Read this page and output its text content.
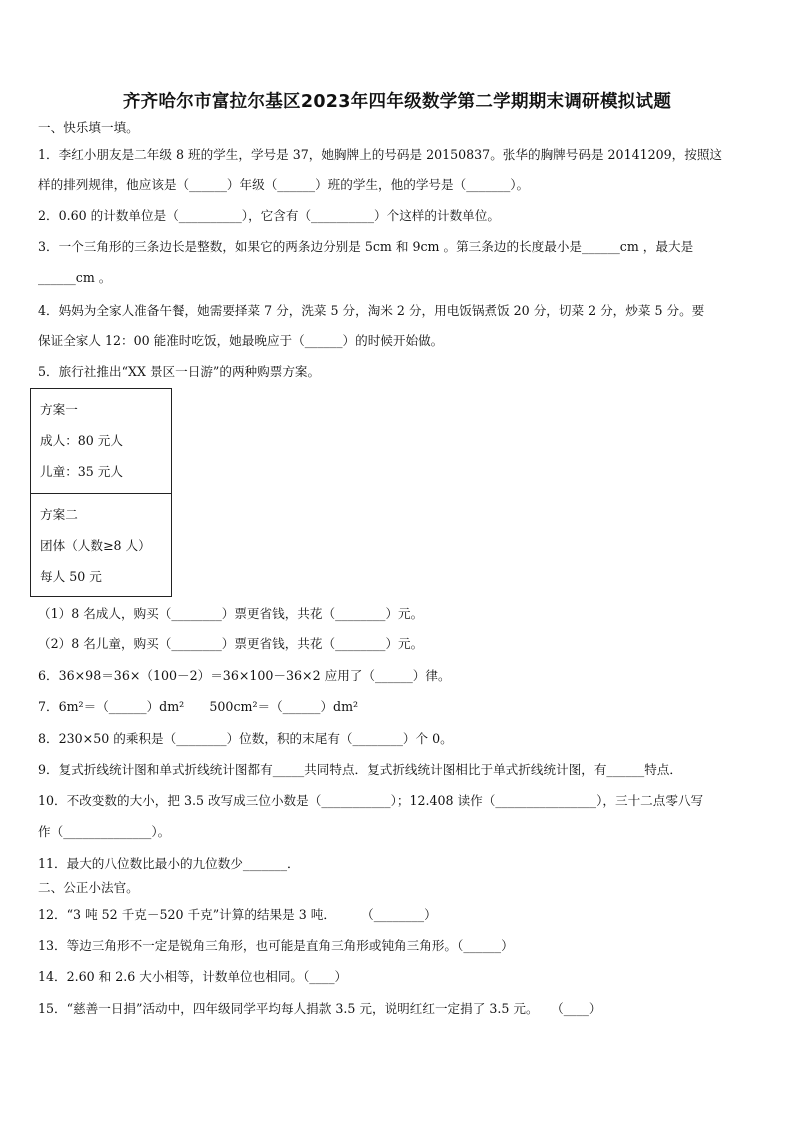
齐齐哈尔市富拉尔基区2023年四年级数学第二学期期末调研模拟试题
一、快乐填一填。
1．李红小朋友是二年级 8 班的学生，学号是 37，她胸牌上的号码是 20150837。张华的胸牌号码是 20141209，按照这
样的排列规律，他应该是（______）年级（______）班的学生，他的学号是（_______）。
2．0.60 的计数单位是（__________），它含有（__________）个这样的计数单位。
3．一个三角形的三条边长是整数，如果它的两条边分别是 5cm 和 9cm 。第三条边的长度最小是______cm ，最大是
______cm 。
4．妈妈为全家人准备午餐，她需要择菜 7 分，洗菜 5 分，淘米 2 分，用电饭锅煮饭 20 分，切菜 2 分，炒菜 5 分。要
保证全家人 12：00 能准时吃饭，她最晚应于（______）的时候开始做。
5．旅行社推出“XX 景区一日游”的两种购票方案。
方案一
成人：80 元人
儿童：35 元人
方案二
团体（人数≥8 人）
每人 50 元
（1）8 名成人，购买（________）票更省钱，共花（________）元。
（2）8 名儿童，购买（________）票更省钱，共花（________）元。
6．36×98＝36×（100－2）＝36×100－36×2 应用了（______）律。
7．6m²＝（______）dm²　　500cm²＝（______）dm²
8．230×50 的乘积是（________）位数，积的末尾有（________）个 0。
9．复式折线统计图和单式折线统计图都有_____共同特点．复式折线统计图相比于单式折线统计图，有______特点．
10．不改变数的大小，把 3.5 改写成三位小数是（___________）；12.408 读作（________________），三十二点零八写
作（______________）。
11．最大的八位数比最小的九位数少_______．
二、公正小法官。
12．“3 吨 52 千克－520 千克”计算的结果是 3 吨．　　　（________）
13．等边三角形不一定是锐角三角形，也可能是直角三角形或钝角三角形。（______）
14．2.60 和 2.6 大小相等，计数单位也相同。（____）
15．“慈善一日捐”活动中，四年级同学平均每人捐款 3.5 元，说明红红一定捐了 3.5 元。　　（____）
